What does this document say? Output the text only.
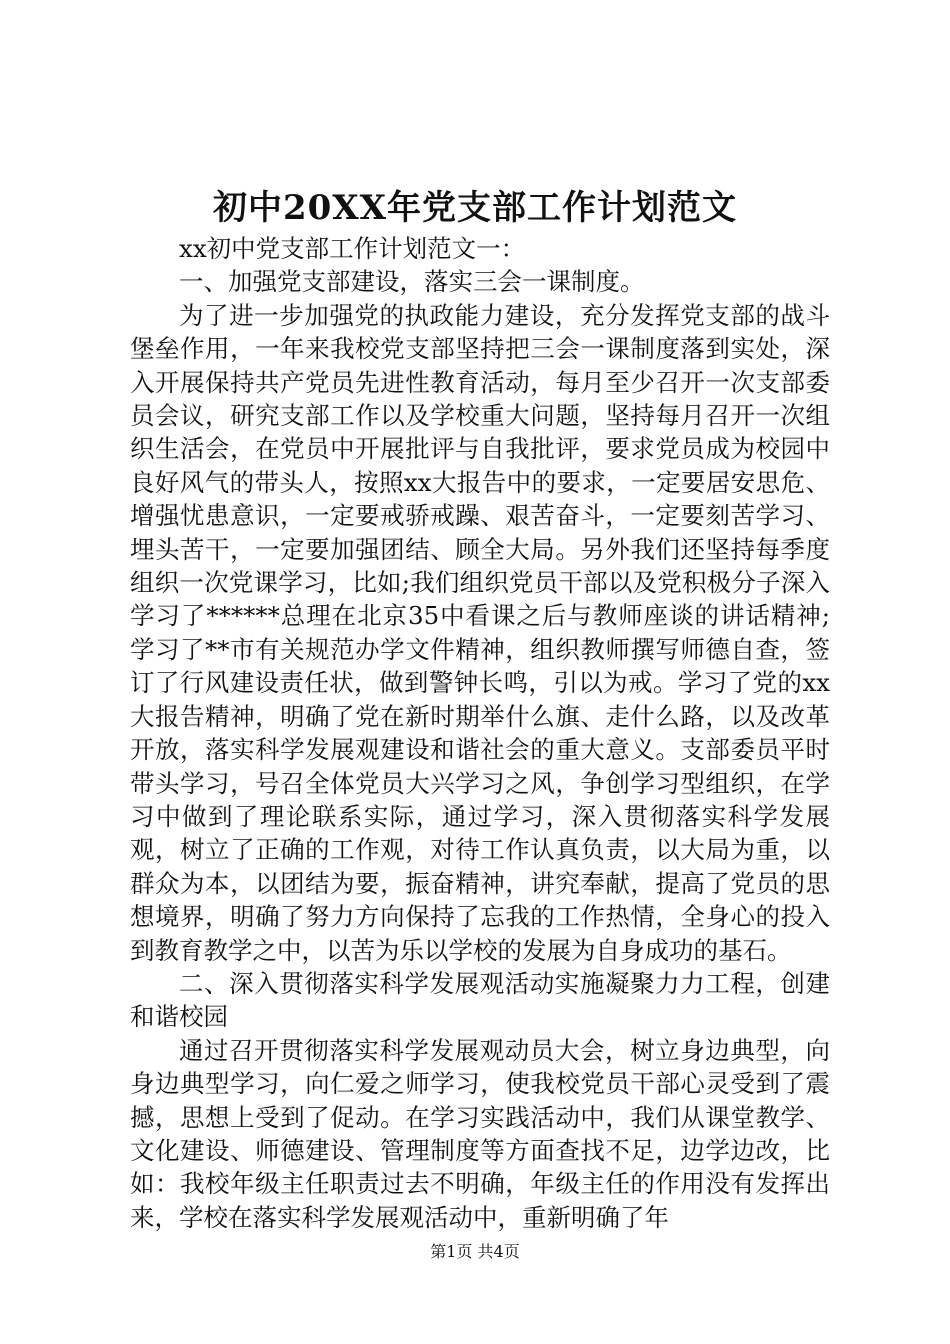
初中20XX年党支部工作计划范文

xx初中党支部工作计划范文一：

一、加强党支部建设，落实三会一课制度。

为了进一步加强党的执政能力建设，充分发挥党支部的战斗堡垒作用，一年来我校党支部坚持把三会一课制度落到实处，深入开展保持共产党员先进性教育活动，每月至少召开一次支部委员会议，研究支部工作以及学校重大问题，坚持每月召开一次组织生活会，在党员中开展批评与自我批评，要求党员成为校园中良好风气的带头人，按照xx大报告中的要求，一定要居安思危、增强忧患意识，一定要戒骄戒躁、艰苦奋斗，一定要刻苦学习、埋头苦干，一定要加强团结、顾全大局。另外我们还坚持每季度组织一次党课学习，比如;我们组织党员干部以及党积极分子深入学习了******总理在北京35中看课之后与教师座谈的讲话精神;学习了**市有关规范办学文件精神，组织教师撰写师德自查，签订了行风建设责任状，做到警钟长鸣，引以为戒。学习了党的xx大报告精神，明确了党在新时期举什么旗、走什么路，以及改革开放，落实科学发展观建设和谐社会的重大意义。支部委员平时带头学习，号召全体党员大兴学习之风，争创学习型组织，在学习中做到了理论联系实际，通过学习，深入贯彻落实科学发展观，树立了正确的工作观，对待工作认真负责，以大局为重，以群众为本，以团结为要，振奋精神，讲究奉献，提高了党员的思想境界，明确了努力方向保持了忘我的工作热情，全身心的投入到教育教学之中，以苦为乐以学校的发展为自身成功的基石。

二、深入贯彻落实科学发展观活动实施凝聚力力工程，创建和谐校园

通过召开贯彻落实科学发展观动员大会，树立身边典型，向身边典型学习，向仁爱之师学习，使我校党员干部心灵受到了震撼，思想上受到了促动。在学习实践活动中，我们从课堂教学、文化建设、师德建设、管理制度等方面查找不足，边学边改，比如：我校年级主任职责过去不明确，年级主任的作用没有发挥出来，学校在落实科学发展观活动中，重新明确了年

第1页 共4页
